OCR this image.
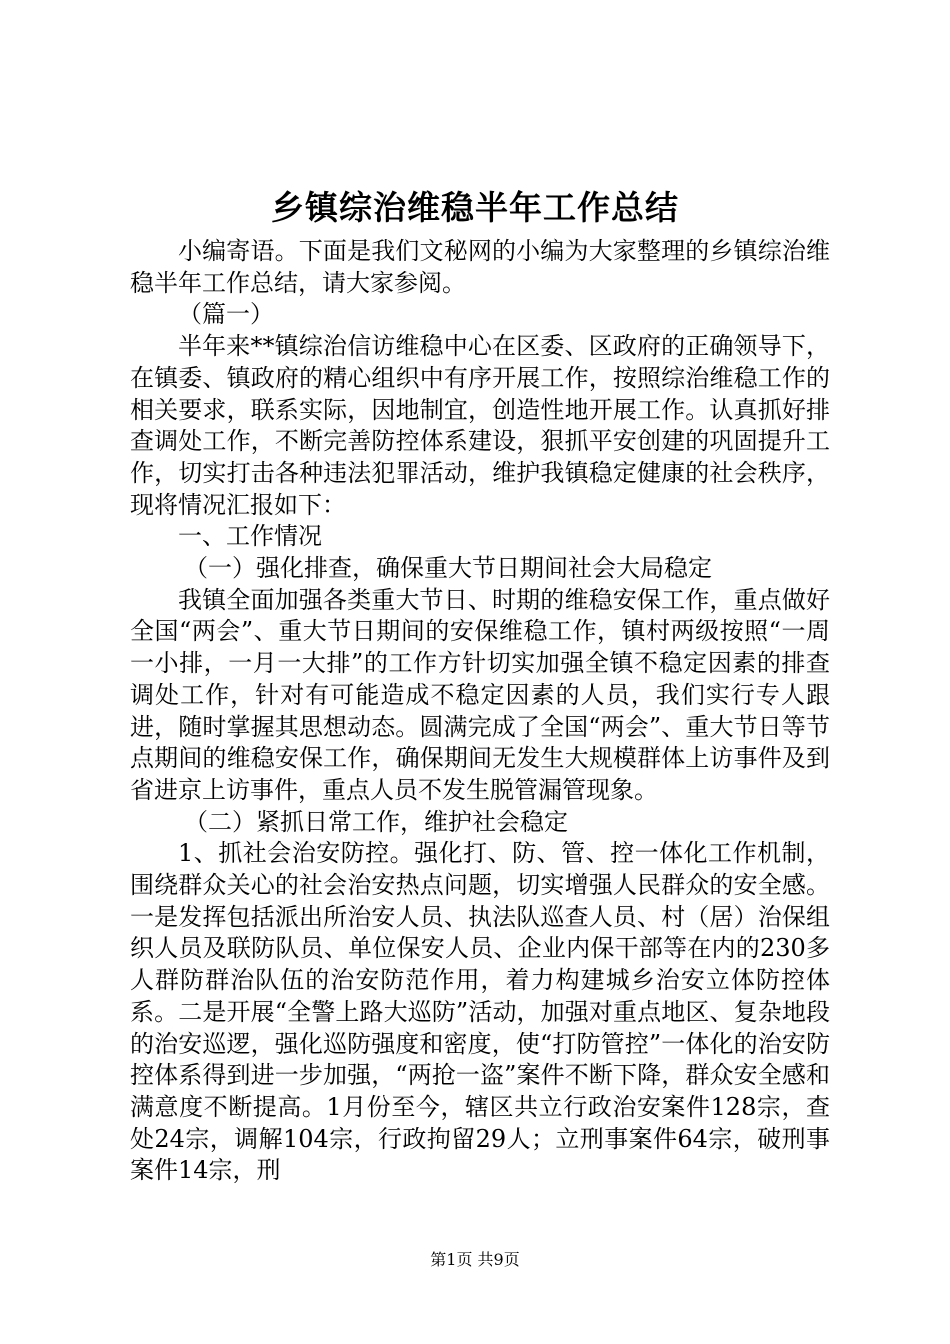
乡镇综治维稳半年工作总结

小编寄语。下面是我们文秘网的小编为大家整理的乡镇综治维稳半年工作总结，请大家参阅。

（篇一）

半年来**镇综治信访维稳中心在区委、区政府的正确领导下，在镇委、镇政府的精心组织中有序开展工作，按照综治维稳工作的相关要求，联系实际，因地制宜，创造性地开展工作。认真抓好排查调处工作，不断完善防控体系建设，狠抓平安创建的巩固提升工作，切实打击各种违法犯罪活动，维护我镇稳定健康的社会秩序，现将情况汇报如下：

一、工作情况

（一）强化排查，确保重大节日期间社会大局稳定

我镇全面加强各类重大节日、时期的维稳安保工作，重点做好全国“两会”、重大节日期间的安保维稳工作，镇村两级按照“一周一小排，一月一大排”的工作方针切实加强全镇不稳定因素的排查调处工作，针对有可能造成不稳定因素的人员，我们实行专人跟进，随时掌握其思想动态。圆满完成了全国“两会”、重大节日等节点期间的维稳安保工作，确保期间无发生大规模群体上访事件及到省进京上访事件，重点人员不发生脱管漏管现象。

（二）紧抓日常工作，维护社会稳定

1、抓社会治安防控。强化打、防、管、控一体化工作机制，围绕群众关心的社会治安热点问题，切实增强人民群众的安全感。一是发挥包括派出所治安人员、执法队巡查人员、村（居）治保组织人员及联防队员、单位保安人员、企业内保干部等在内的230多人群防群治队伍的治安防范作用，着力构建城乡治安立体防控体系。二是开展“全警上路大巡防”活动，加强对重点地区、复杂地段的治安巡逻，强化巡防强度和密度，使“打防管控”一体化的治安防控体系得到进一步加强，“两抢一盗”案件不断下降，群众安全感和满意度不断提高。1月份至今，辖区共立行政治安案件128宗，查处24宗，调解104宗，行政拘留29人；立刑事案件64宗，破刑事案件14宗，刑

第1页 共9页
